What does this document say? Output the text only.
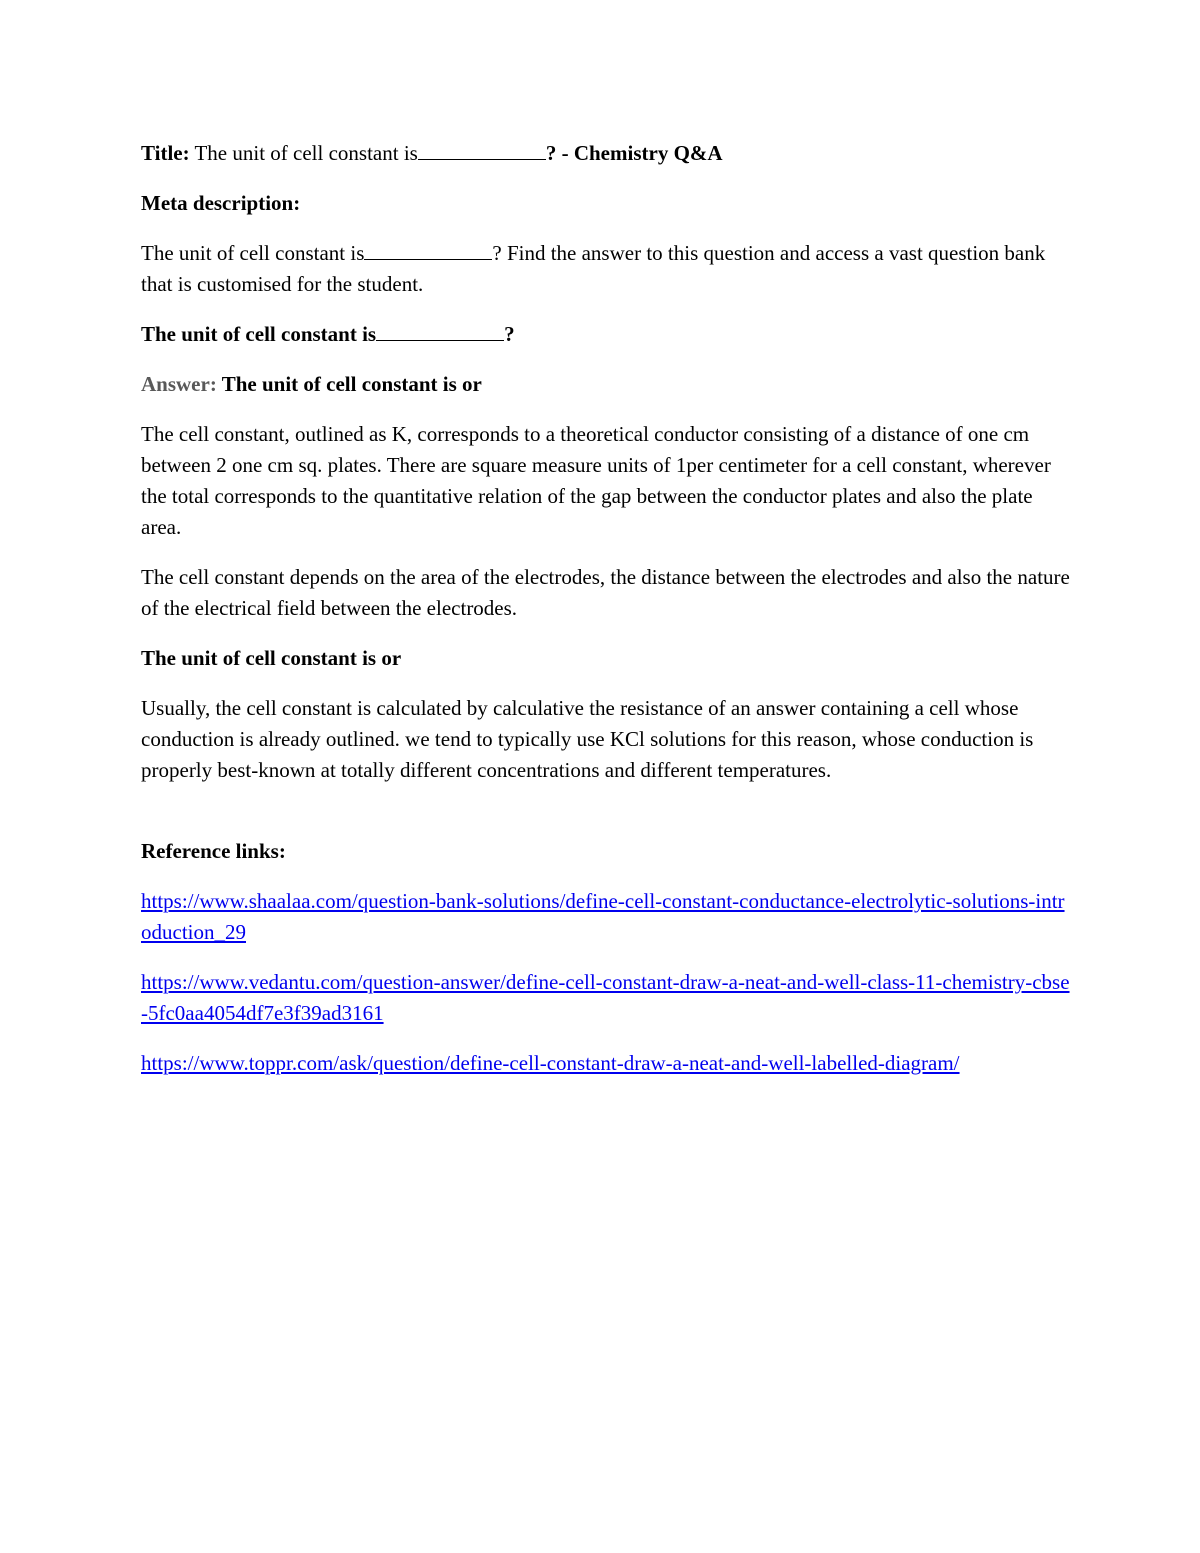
Title: The unit of cell constant is	? - Chemistry Q&A

Meta description:

The unit of cell constant is	? Find the answer to this question and access a vast question bank that is customised for the student.

The unit of cell constant is	?

Answer: The unit of cell constant is or

The cell constant, outlined as K, corresponds to a theoretical conductor consisting of a distance of one cm between 2 one cm sq. plates. There are square measure units of 1per centimeter for a cell constant, wherever the total corresponds to the quantitative relation of the gap between the conductor plates and also the plate area.

The cell constant depends on the area of the electrodes, the distance between the electrodes and also the nature of the electrical field between the electrodes.

The unit of cell constant is or

Usually, the cell constant is calculated by calculative the resistance of an answer containing a cell whose conduction is already outlined. we tend to typically use KCl solutions for this reason, whose conduction is properly best-known at totally different concentrations and different temperatures.

Reference links:

https://www.shaalaa.com/question-bank-solutions/define-cell-constant-conductance-electrolytic-solutions-introduction_29

https://www.vedantu.com/question-answer/define-cell-constant-draw-a-neat-and-well-class-11-chemistry-cbse-5fc0aa4054df7e3f39ad3161

https://www.toppr.com/ask/question/define-cell-constant-draw-a-neat-and-well-labelled-diagram/
